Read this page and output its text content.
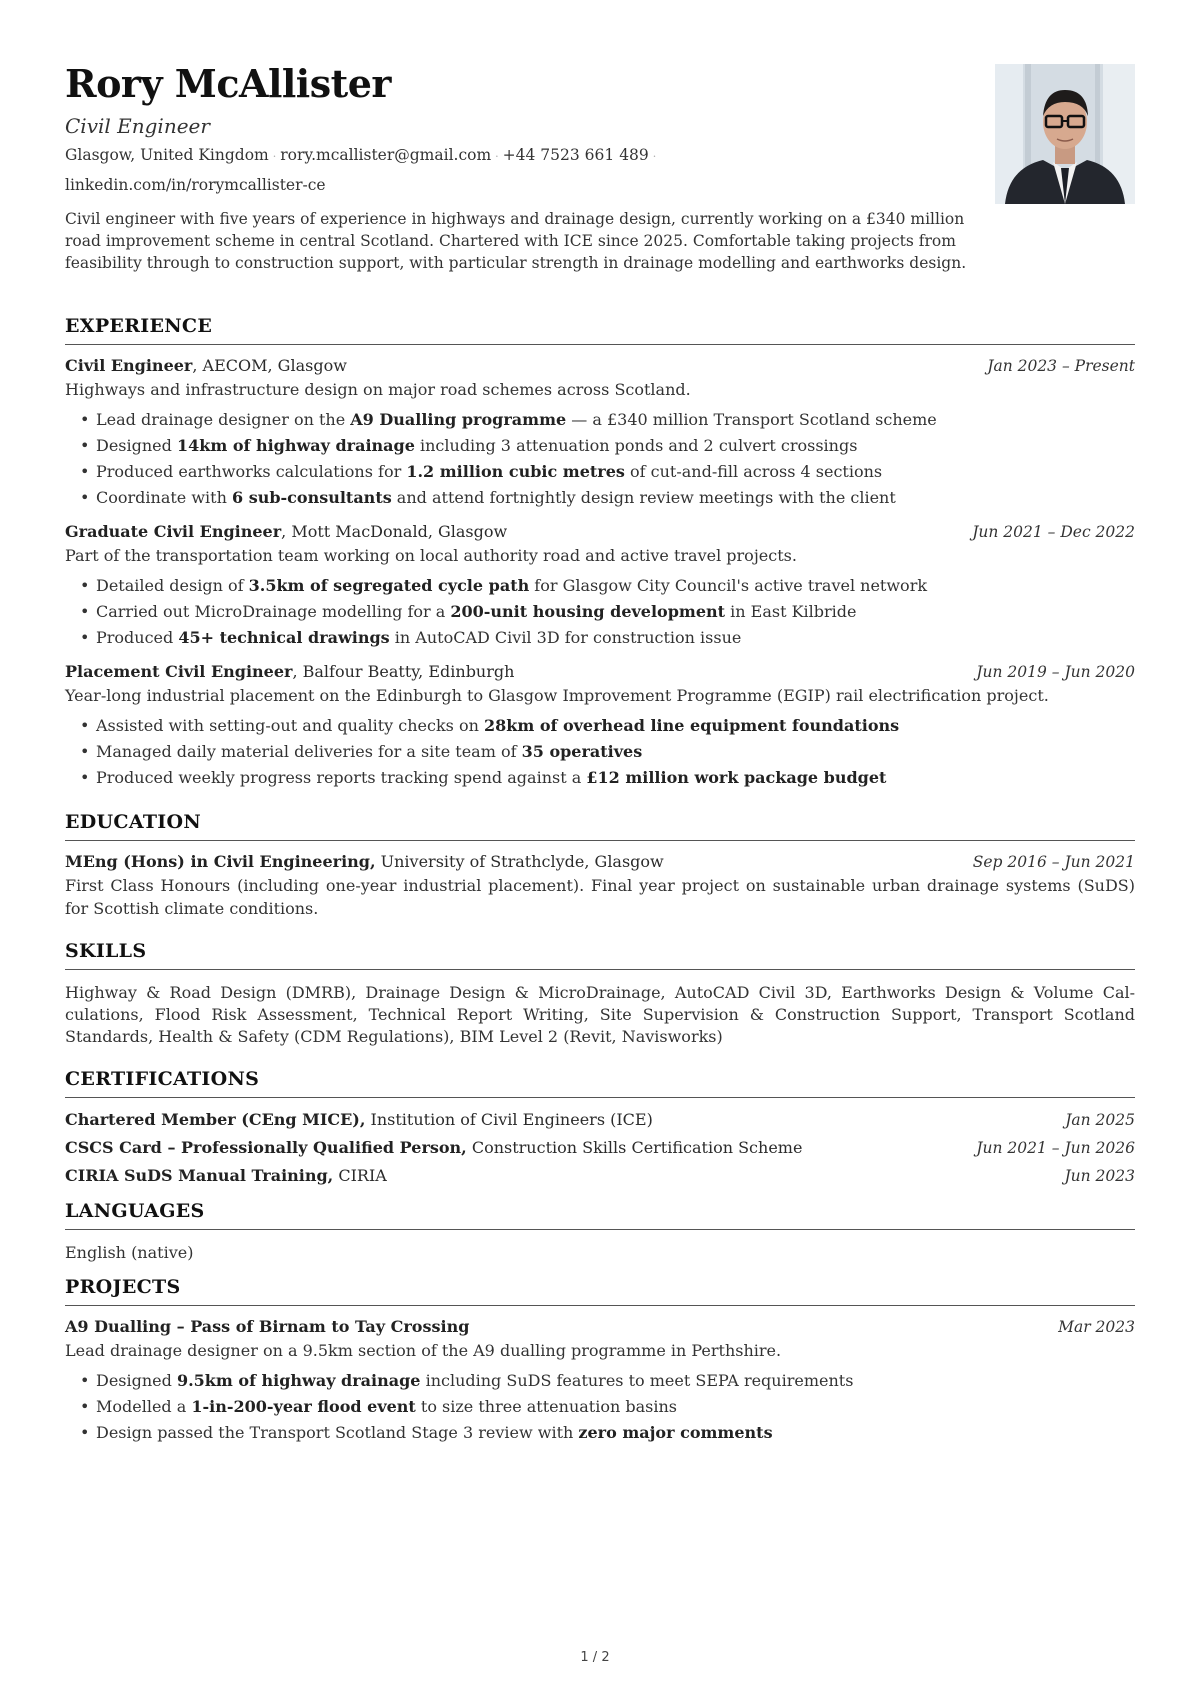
Rory McAllister
Civil Engineer
Glasgow, United Kingdom · rory.mcallister@gmail.com · +44 7523 661 489 ·
linkedin.com/in/rorymcallister-ce
Civil engineer with five years of experience in highways and drainage design, currently working on a £340 million road improvement scheme in central Scotland. Chartered with ICE since 2025. Comfortable taking projects from feasibility through to construction support, with particular strength in drainage modelling and earthworks design.
EXPERIENCE
Civil Engineer, AECOM, Glasgow	Jan 2023 – Present
Highways and infrastructure design on major road schemes across Scotland.
• Lead drainage designer on the A9 Dualling programme — a £340 million Transport Scotland scheme
• Designed 14km of highway drainage including 3 attenuation ponds and 2 culvert crossings
• Produced earthworks calculations for 1.2 million cubic metres of cut-and-fill across 4 sections
• Coordinate with 6 sub-consultants and attend fortnightly design review meetings with the client
Graduate Civil Engineer, Mott MacDonald, Glasgow	Jun 2021 – Dec 2022
Part of the transportation team working on local authority road and active travel projects.
• Detailed design of 3.5km of segregated cycle path for Glasgow City Council's active travel network
• Carried out MicroDrainage modelling for a 200-unit housing development in East Kilbride
• Produced 45+ technical drawings in AutoCAD Civil 3D for construction issue
Placement Civil Engineer, Balfour Beatty, Edinburgh	Jun 2019 – Jun 2020
Year-long industrial placement on the Edinburgh to Glasgow Improvement Programme (EGIP) rail electrification project.
• Assisted with setting-out and quality checks on 28km of overhead line equipment foundations
• Managed daily material deliveries for a site team of 35 operatives
• Produced weekly progress reports tracking spend against a £12 million work package budget
EDUCATION
MEng (Hons) in Civil Engineering, University of Strathclyde, Glasgow	Sep 2016 – Jun 2021
First Class Honours (including one-year industrial placement). Final year project on sustainable urban drainage systems (SuDS) for Scottish climate conditions.
SKILLS
Highway & Road Design (DMRB), Drainage Design & MicroDrainage, AutoCAD Civil 3D, Earthworks Design & Volume Cal-culations, Flood Risk Assessment, Technical Report Writing, Site Supervision & Construction Support, Transport Scotland Standards, Health & Safety (CDM Regulations), BIM Level 2 (Revit, Navisworks)
CERTIFICATIONS
Chartered Member (CEng MICE), Institution of Civil Engineers (ICE)	Jan 2025
CSCS Card – Professionally Qualified Person, Construction Skills Certification Scheme	Jun 2021 – Jun 2026
CIRIA SuDS Manual Training, CIRIA	Jun 2023
LANGUAGES
English (native)
PROJECTS
A9 Dualling – Pass of Birnam to Tay Crossing	Mar 2023
Lead drainage designer on a 9.5km section of the A9 dualling programme in Perthshire.
• Designed 9.5km of highway drainage including SuDS features to meet SEPA requirements
• Modelled a 1-in-200-year flood event to size three attenuation basins
• Design passed the Transport Scotland Stage 3 review with zero major comments
1 / 2
